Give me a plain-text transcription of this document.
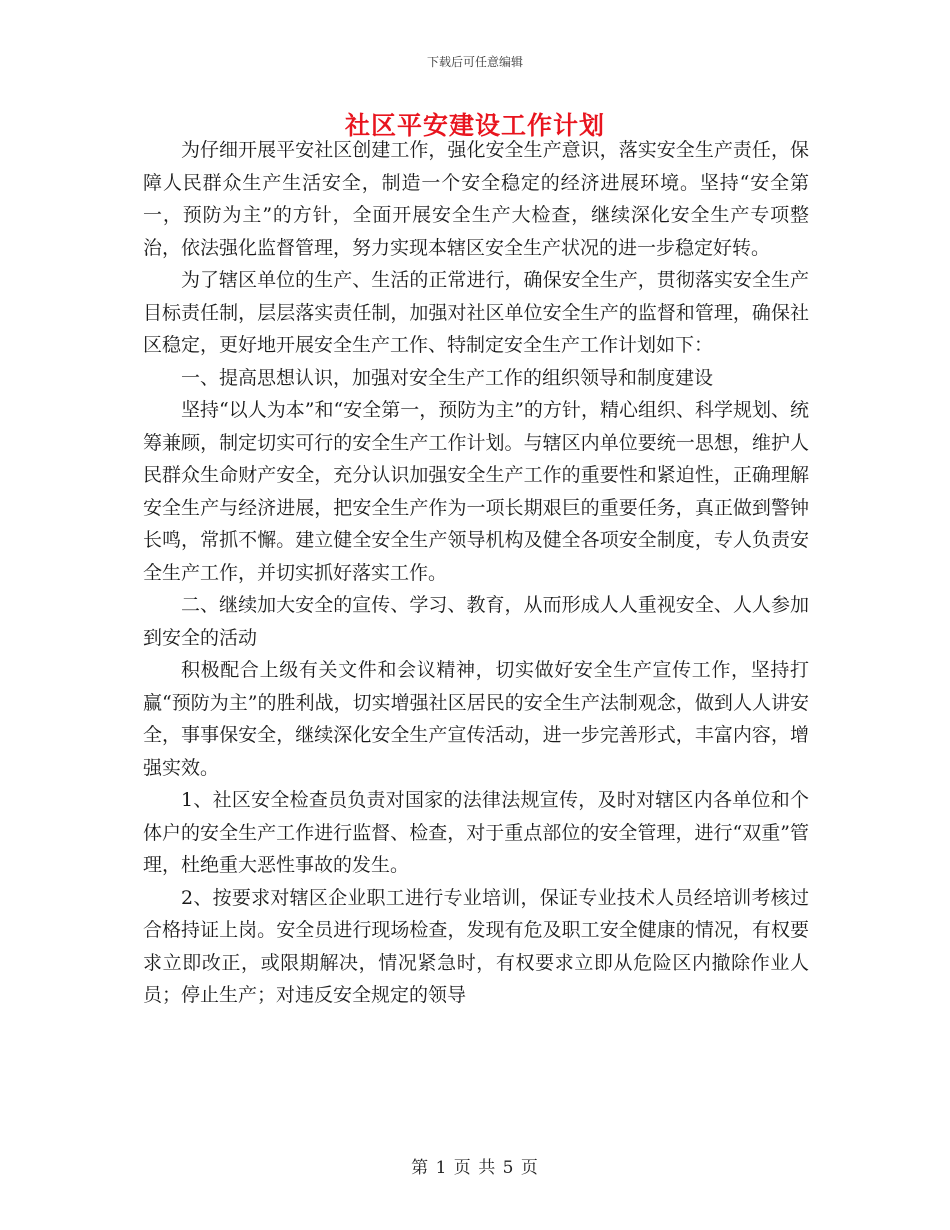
下载后可任意编辑
社区平安建设工作计划

为仔细开展平安社区创建工作，强化安全生产意识，落实安全生产责任，保障人民群众生产生活安全，制造一个安全稳定的经济进展环境。坚持“安全第一，预防为主”的方针，全面开展安全生产大检查，继续深化安全生产专项整治，依法强化监督管理，努力实现本辖区安全生产状况的进一步稳定好转。

为了辖区单位的生产、生活的正常进行，确保安全生产，贯彻落实安全生产目标责任制，层层落实责任制，加强对社区单位安全生产的监督和管理，确保社区稳定，更好地开展安全生产工作、特制定安全生产工作计划如下：

一、提高思想认识，加强对安全生产工作的组织领导和制度建设

坚持“以人为本”和“安全第一，预防为主”的方针，精心组织、科学规划、统筹兼顾，制定切实可行的安全生产工作计划。与辖区内单位要统一思想，维护人民群众生命财产安全，充分认识加强安全生产工作的重要性和紧迫性，正确理解安全生产与经济进展，把安全生产作为一项长期艰巨的重要任务，真正做到警钟长鸣，常抓不懈。建立健全安全生产领导机构及健全各项安全制度，专人负责安全生产工作，并切实抓好落实工作。

二、继续加大安全的宣传、学习、教育，从而形成人人重视安全、人人参加到安全的活动

积极配合上级有关文件和会议精神，切实做好安全生产宣传工作，坚持打赢“预防为主”的胜利战，切实增强社区居民的安全生产法制观念，做到人人讲安全，事事保安全，继续深化安全生产宣传活动，进一步完善形式，丰富内容，增强实效。

1、社区安全检查员负责对国家的法律法规宣传，及时对辖区内各单位和个体户的安全生产工作进行监督、检查，对于重点部位的安全管理，进行“双重”管理，杜绝重大恶性事故的发生。

2、按要求对辖区企业职工进行专业培训，保证专业技术人员经培训考核过合格持证上岗。安全员进行现场检查，发现有危及职工安全健康的情况，有权要求立即改正，或限期解决，情况紧急时，有权要求立即从危险区内撤除作业人员；停止生产；对违反安全规定的领导

第 1 页 共 5 页
